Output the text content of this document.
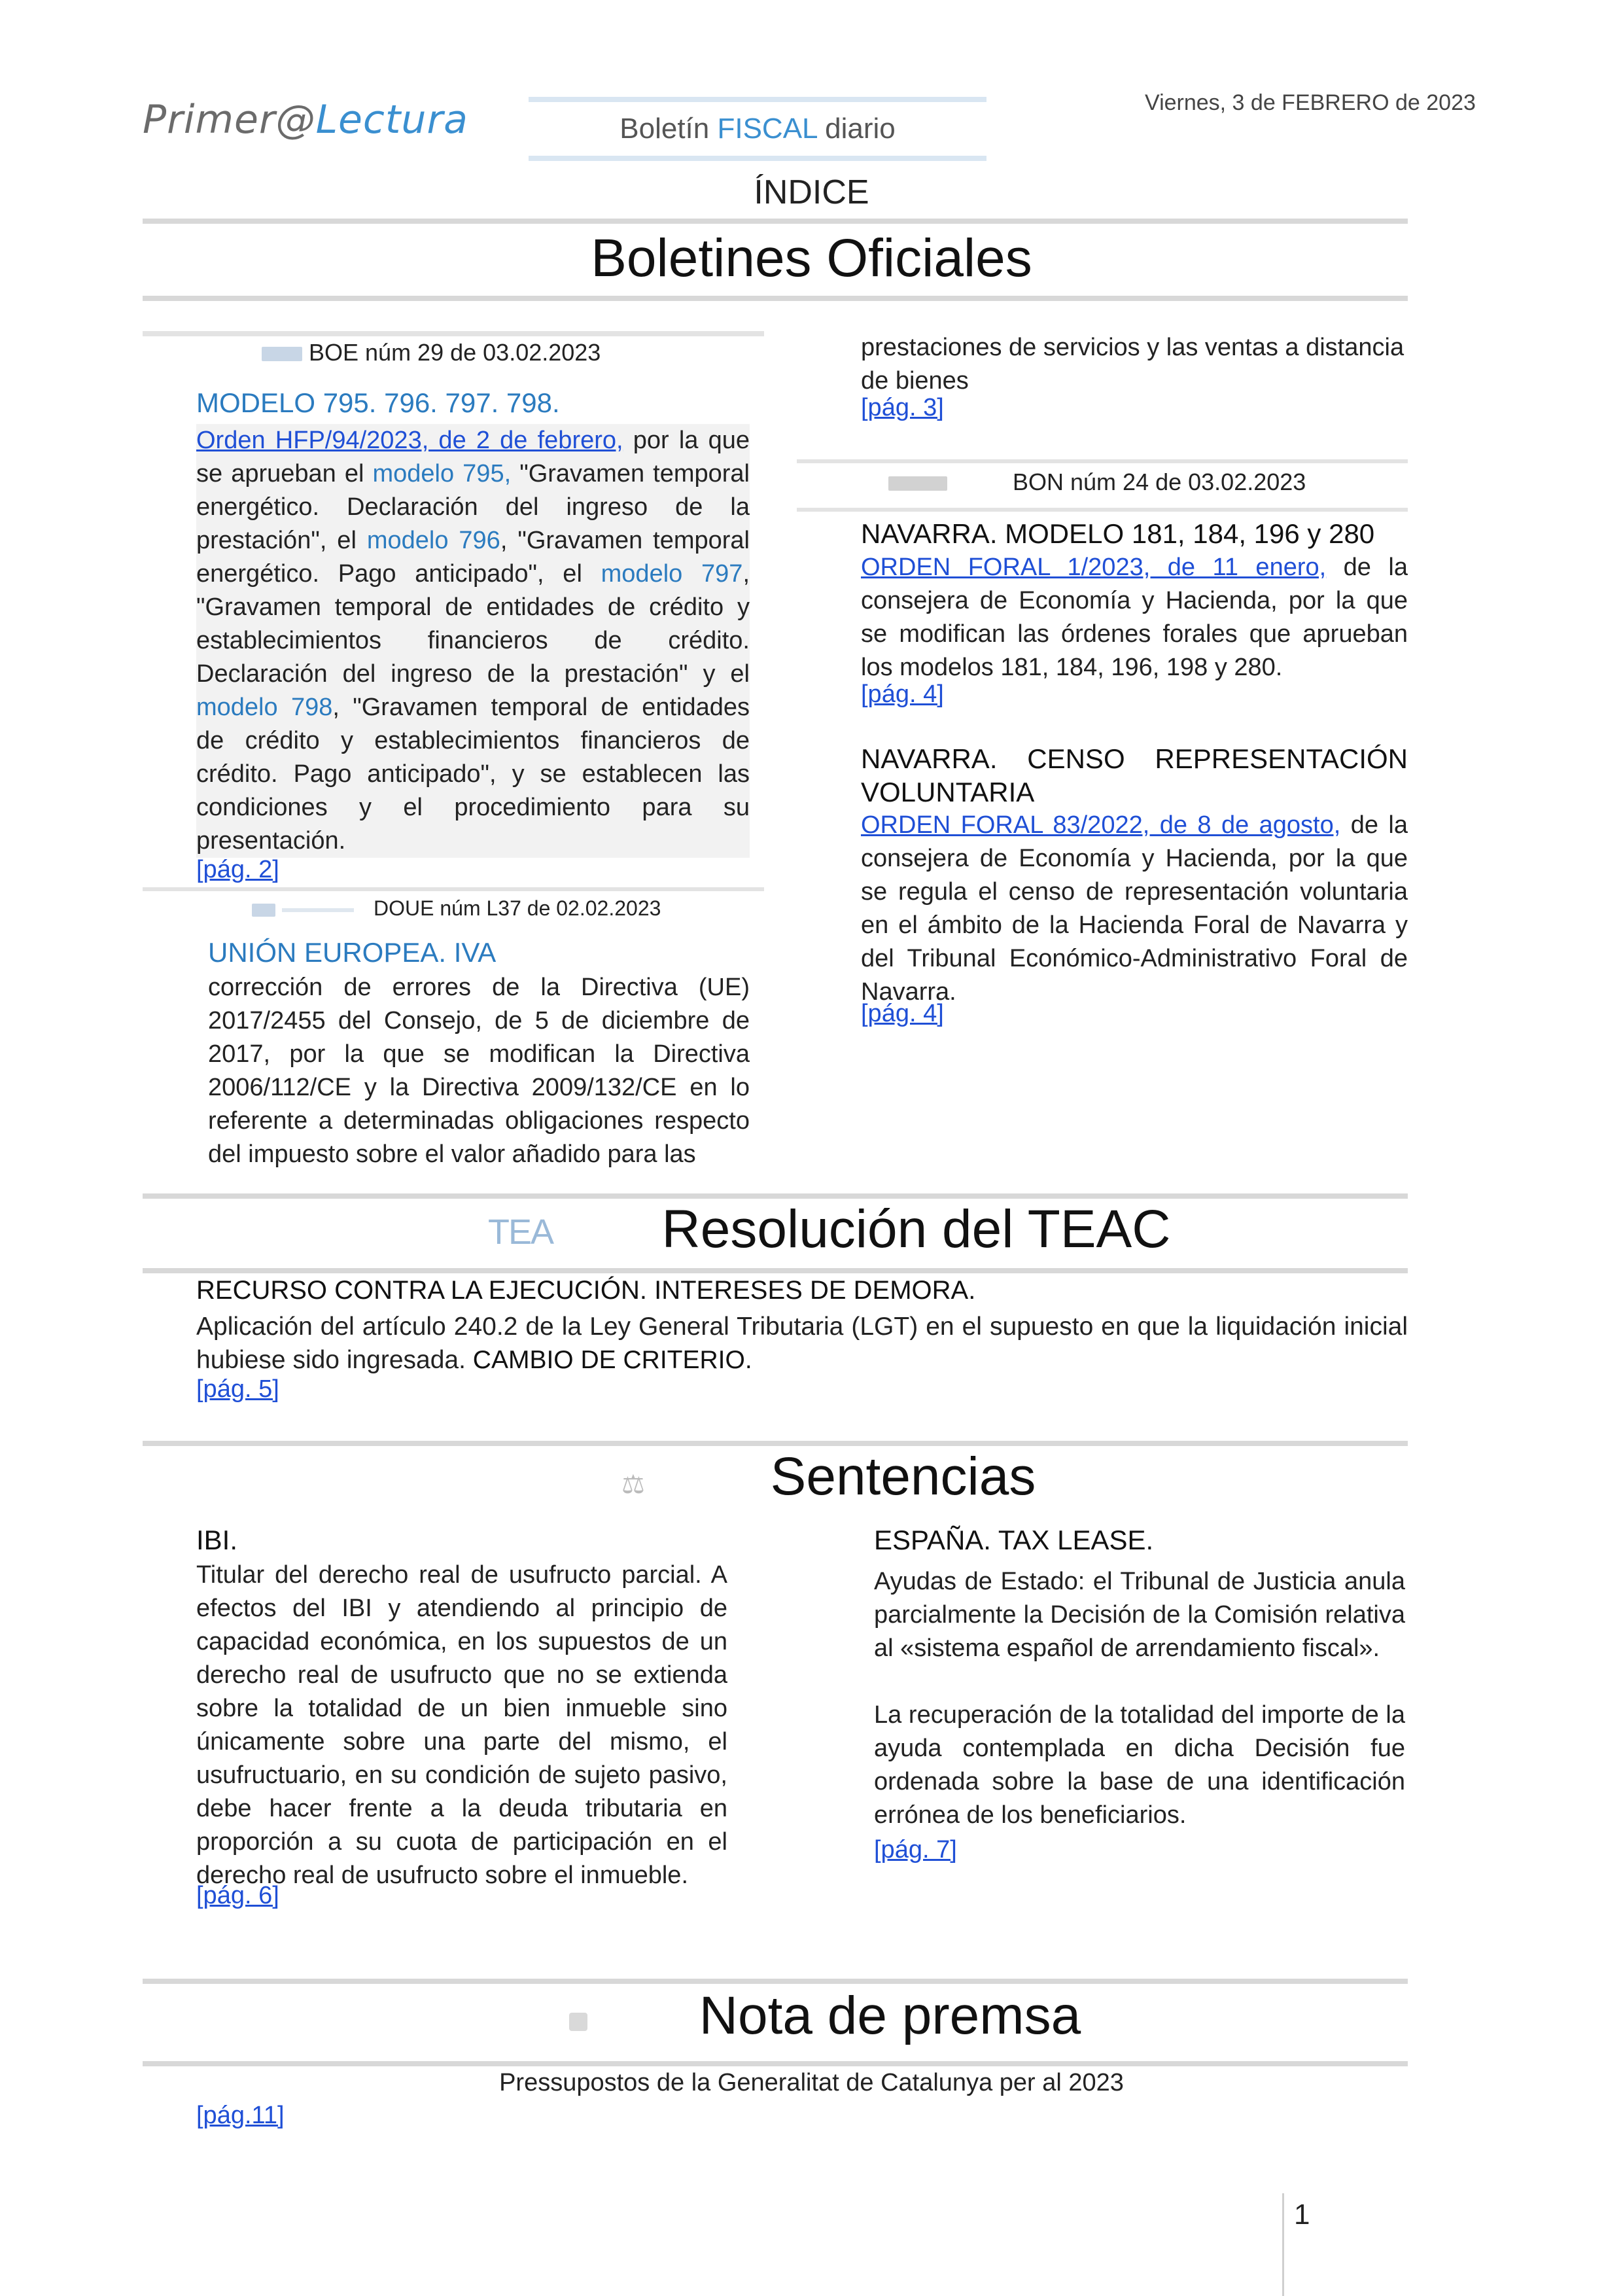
Primer@Lectura	Boletín FISCAL diario
Viernes, 3 de FEBRERO de 2023
ÍNDICE
Boletines Oficiales
BOE núm 29 de 03.02.2023
MODELO 795. 796. 797. 798.
Orden HFP/94/2023, de 2 de febrero, por la que se aprueban el modelo 795, "Gravamen temporal energético. Declaración del ingreso de la prestación", el modelo 796, "Gravamen temporal energético. Pago anticipado", el modelo 797, "Gravamen temporal de entidades de crédito y establecimientos financieros de crédito. Declaración del ingreso de la prestación" y el modelo 798, "Gravamen temporal de entidades de crédito y establecimientos financieros de crédito. Pago anticipado", y se establecen las condiciones y el procedimiento para su presentación.
[pág. 2]
DOUE núm L37 de 02.02.2023
UNIÓN EUROPEA. IVA
corrección de errores de la Directiva (UE) 2017/2455 del Consejo, de 5 de diciembre de 2017, por la que se modifican la Directiva 2006/112/CE y la Directiva 2009/132/CE en lo referente a determinadas obligaciones respecto del impuesto sobre el valor añadido para las
prestaciones de servicios y las ventas a distancia de bienes
[pág. 3]
BON núm 24 de 03.02.2023
NAVARRA. MODELO 181, 184, 196 y 280
ORDEN FORAL 1/2023, de 11 enero, de la consejera de Economía y Hacienda, por la que se modifican las órdenes forales que aprueban los modelos 181, 184, 196, 198 y 280.
[pág. 4]
NAVARRA. CENSO REPRESENTACIÓN VOLUNTARIA
ORDEN FORAL 83/2022, de 8 de agosto, de la consejera de Economía y Hacienda, por la que se regula el censo de representación voluntaria en el ámbito de la Hacienda Foral de Navarra y del Tribunal Económico-Administrativo Foral de Navarra.
[pág. 4]
TEA	Resolución del TEAC
RECURSO CONTRA LA EJECUCIÓN. INTERESES DE DEMORA.
Aplicación del artículo 240.2 de la Ley General Tributaria (LGT) en el supuesto en que la liquidación inicial hubiese sido ingresada. CAMBIO DE CRITERIO.
[pág. 5]
⚖	Sentencias
IBI.
Titular del derecho real de usufructo parcial. A efectos del IBI y atendiendo al principio de capacidad económica, en los supuestos de un derecho real de usufructo que no se extienda sobre la totalidad de un bien inmueble sino únicamente sobre una parte del mismo, el usufructuario, en su condición de sujeto pasivo, debe hacer frente a la deuda tributaria en proporción a su cuota de participación en el derecho real de usufructo sobre el inmueble.
[pág. 6]
ESPAÑA. TAX LEASE.
Ayudas de Estado: el Tribunal de Justicia anula parcialmente la Decisión de la Comisión relativa al «sistema español de arrendamiento fiscal».
La recuperación de la totalidad del importe de la ayuda contemplada en dicha Decisión fue ordenada sobre la base de una identificación errónea de los beneficiarios.
[pág. 7]
Nota de premsa
Pressupostos de la Generalitat de Catalunya per al 2023
[pág.11]
1
